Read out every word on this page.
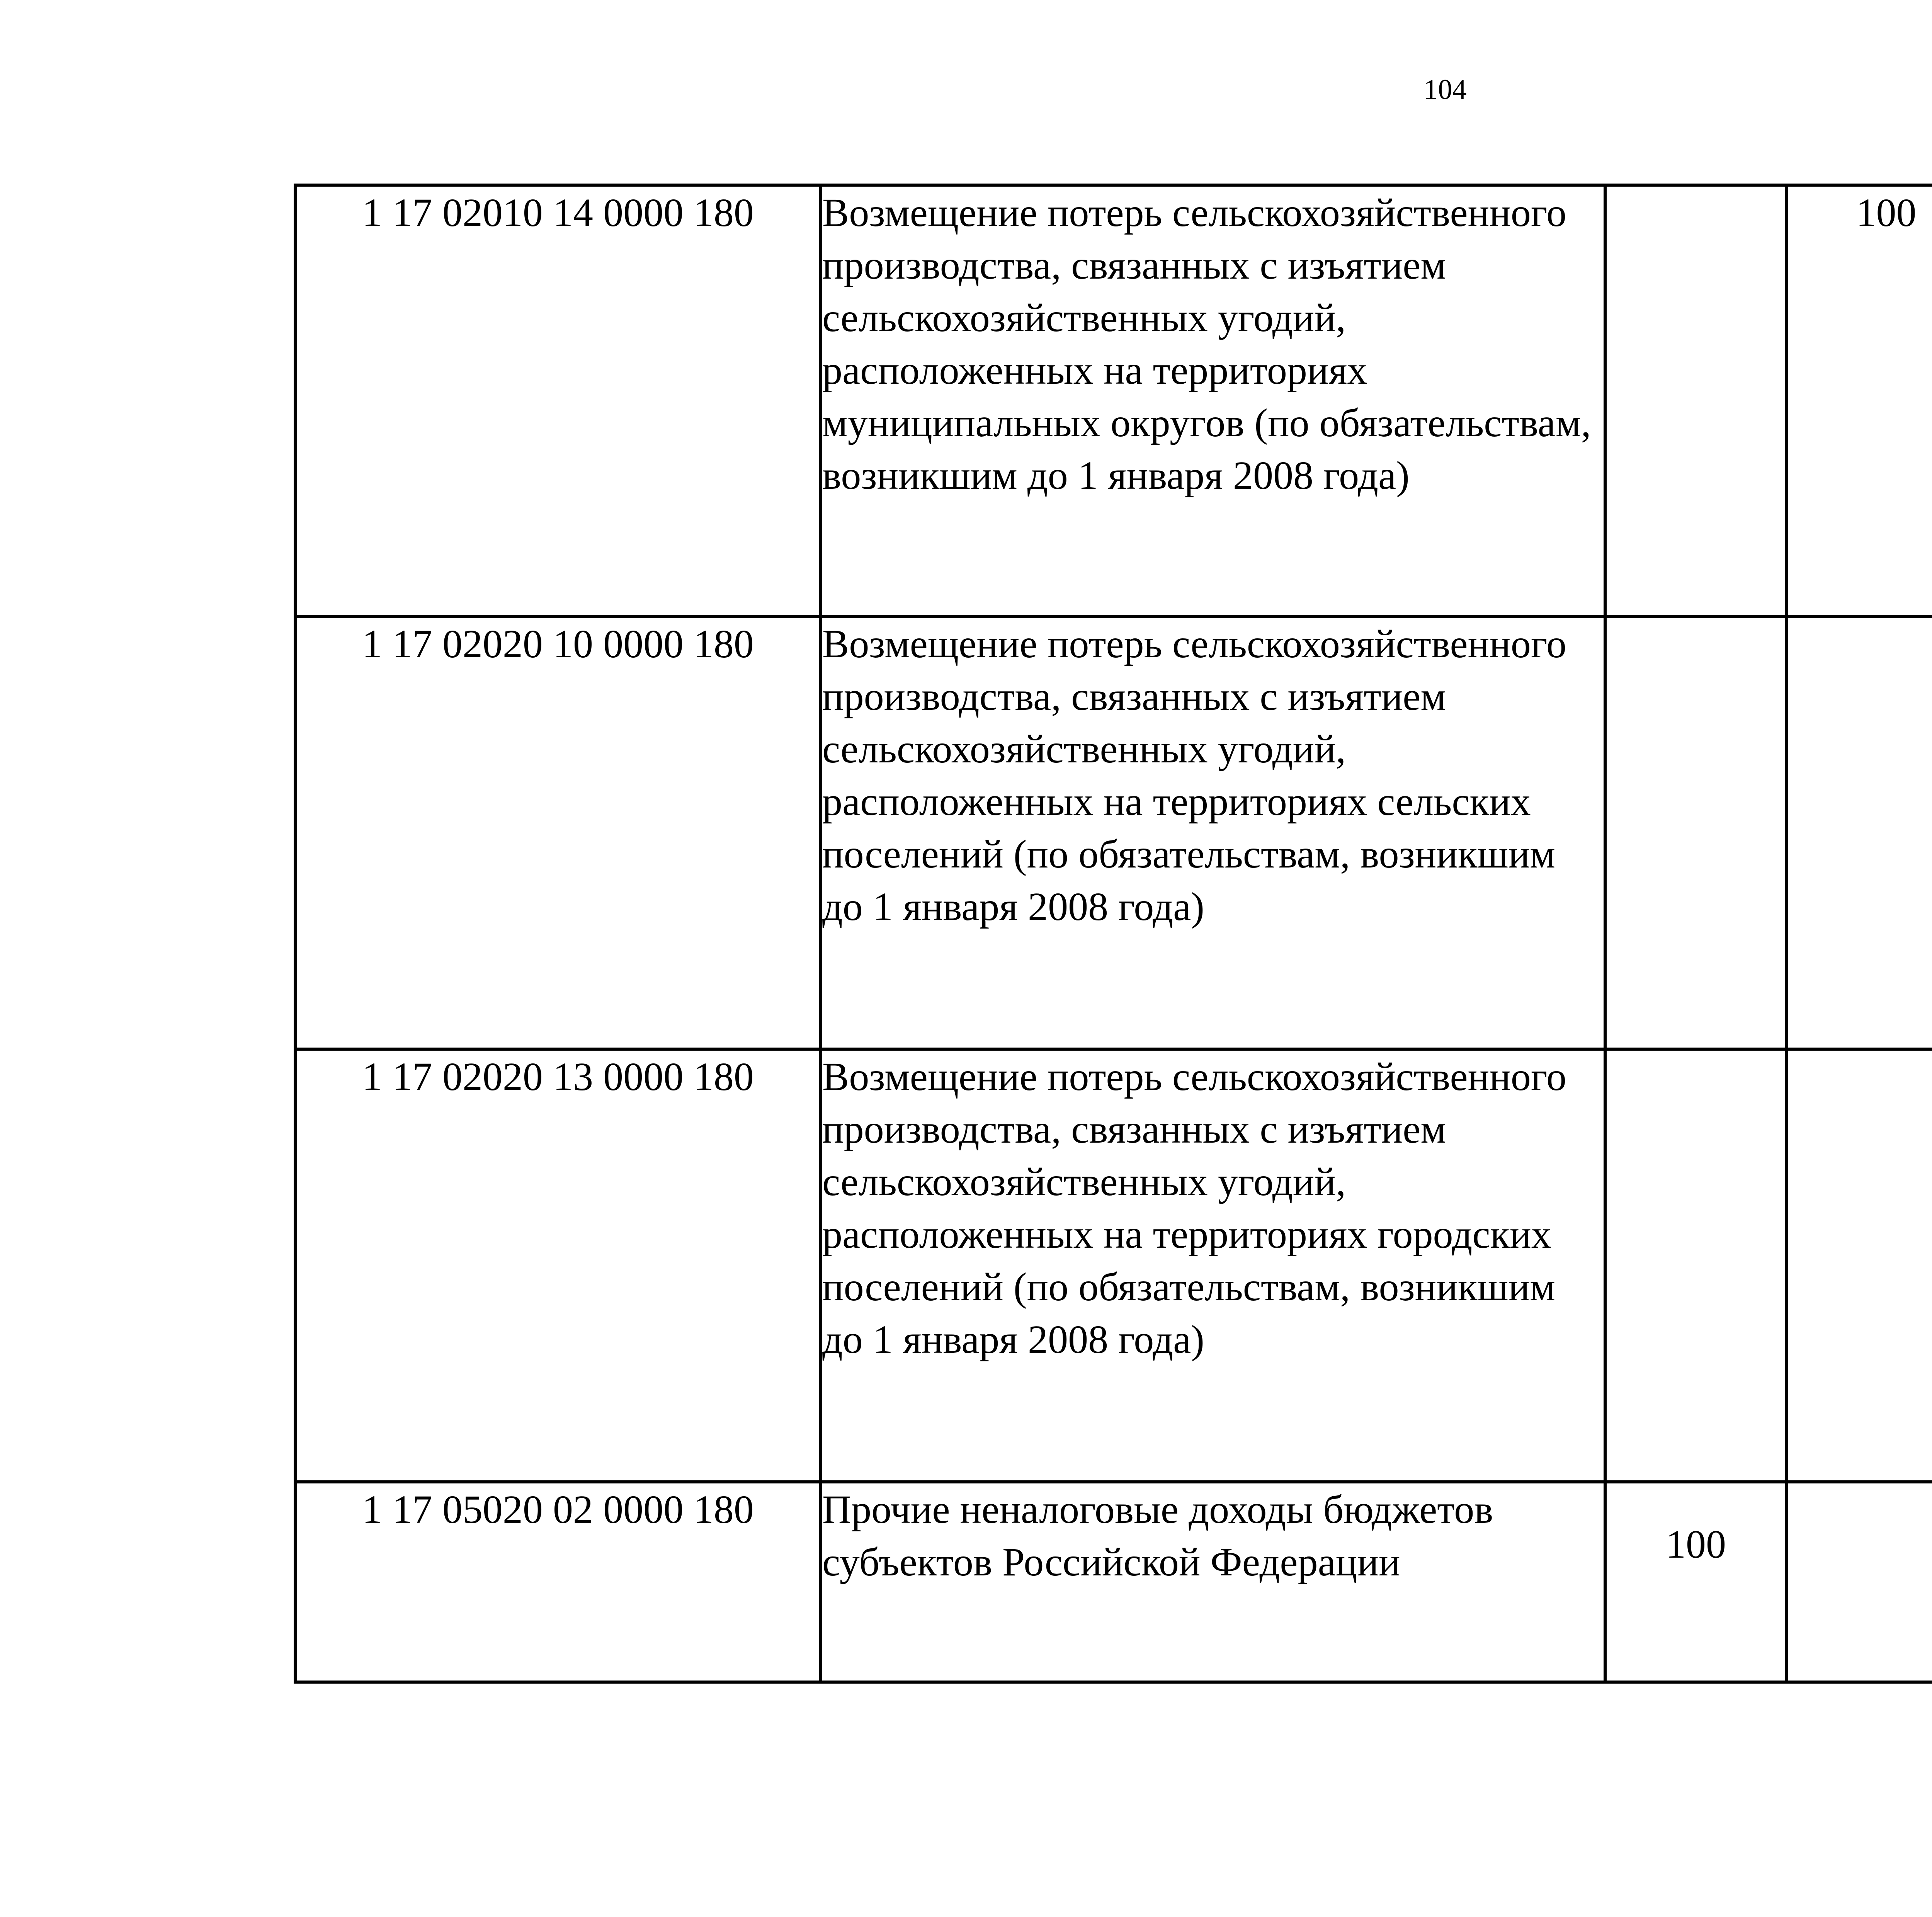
104
1 17 02010 14 0000 180	Возмещение потерь сельскохозяйственного производства, связанных с изъятием сельскохозяйственных угодий, расположенных на территориях муниципальных округов (по обязательствам, возникшим до 1 января 2008 года)		100			
1 17 02020 10 0000 180	Возмещение потерь сельскохозяйственного производства, связанных с изъятием сельскохозяйственных угодий, расположенных на территориях сельских поселений (по обязательствам, возникшим до 1 января 2008 года)					
1 17 02020 13 0000 180	Возмещение потерь сельскохозяйственного производства, связанных с изъятием сельскохозяйственных угодий, расположенных на территориях городских поселений (по обязательствам, возникшим до 1 января 2008 года)					
1 17 05020 02 0000 180	Прочие неналоговые доходы бюджетов субъектов Российской Федерации	100				
